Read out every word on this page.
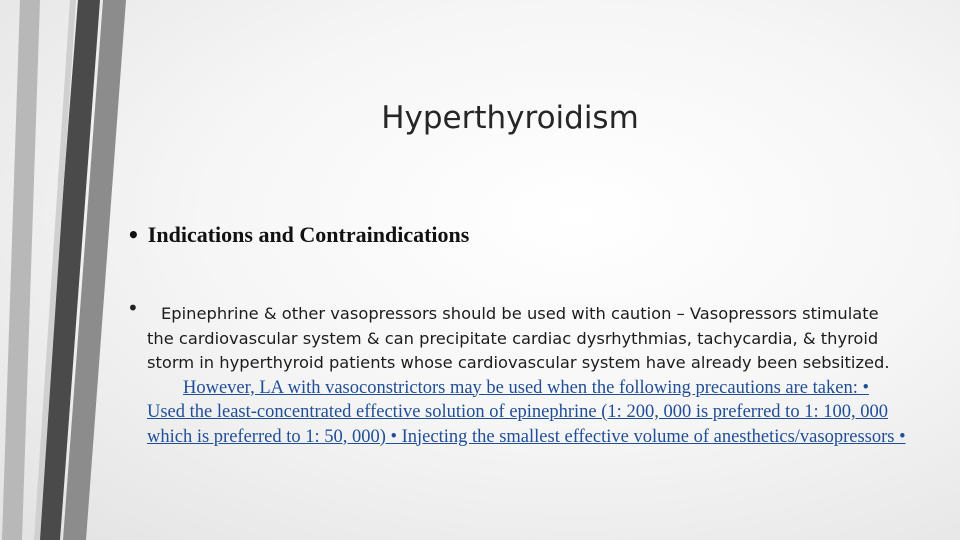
Hyperthyroidism
• Indications and Contraindications
•	Epinephrine & other vasopressors should be used with caution – Vasopressors stimulate the cardiovascular system & can precipitate cardiac dysrhythmias, tachycardia, & thyroid storm in hyperthyroid patients whose cardiovascular system have already been sebsitized. However, LA with vasoconstrictors may be used when the following precautions are taken: • Used the least-concentrated effective solution of epinephrine (1: 200, 000 is preferred to 1: 100, 000 which is preferred to 1: 50, 000) • Injecting the smallest effective volume of anesthetics/vasopressors •
